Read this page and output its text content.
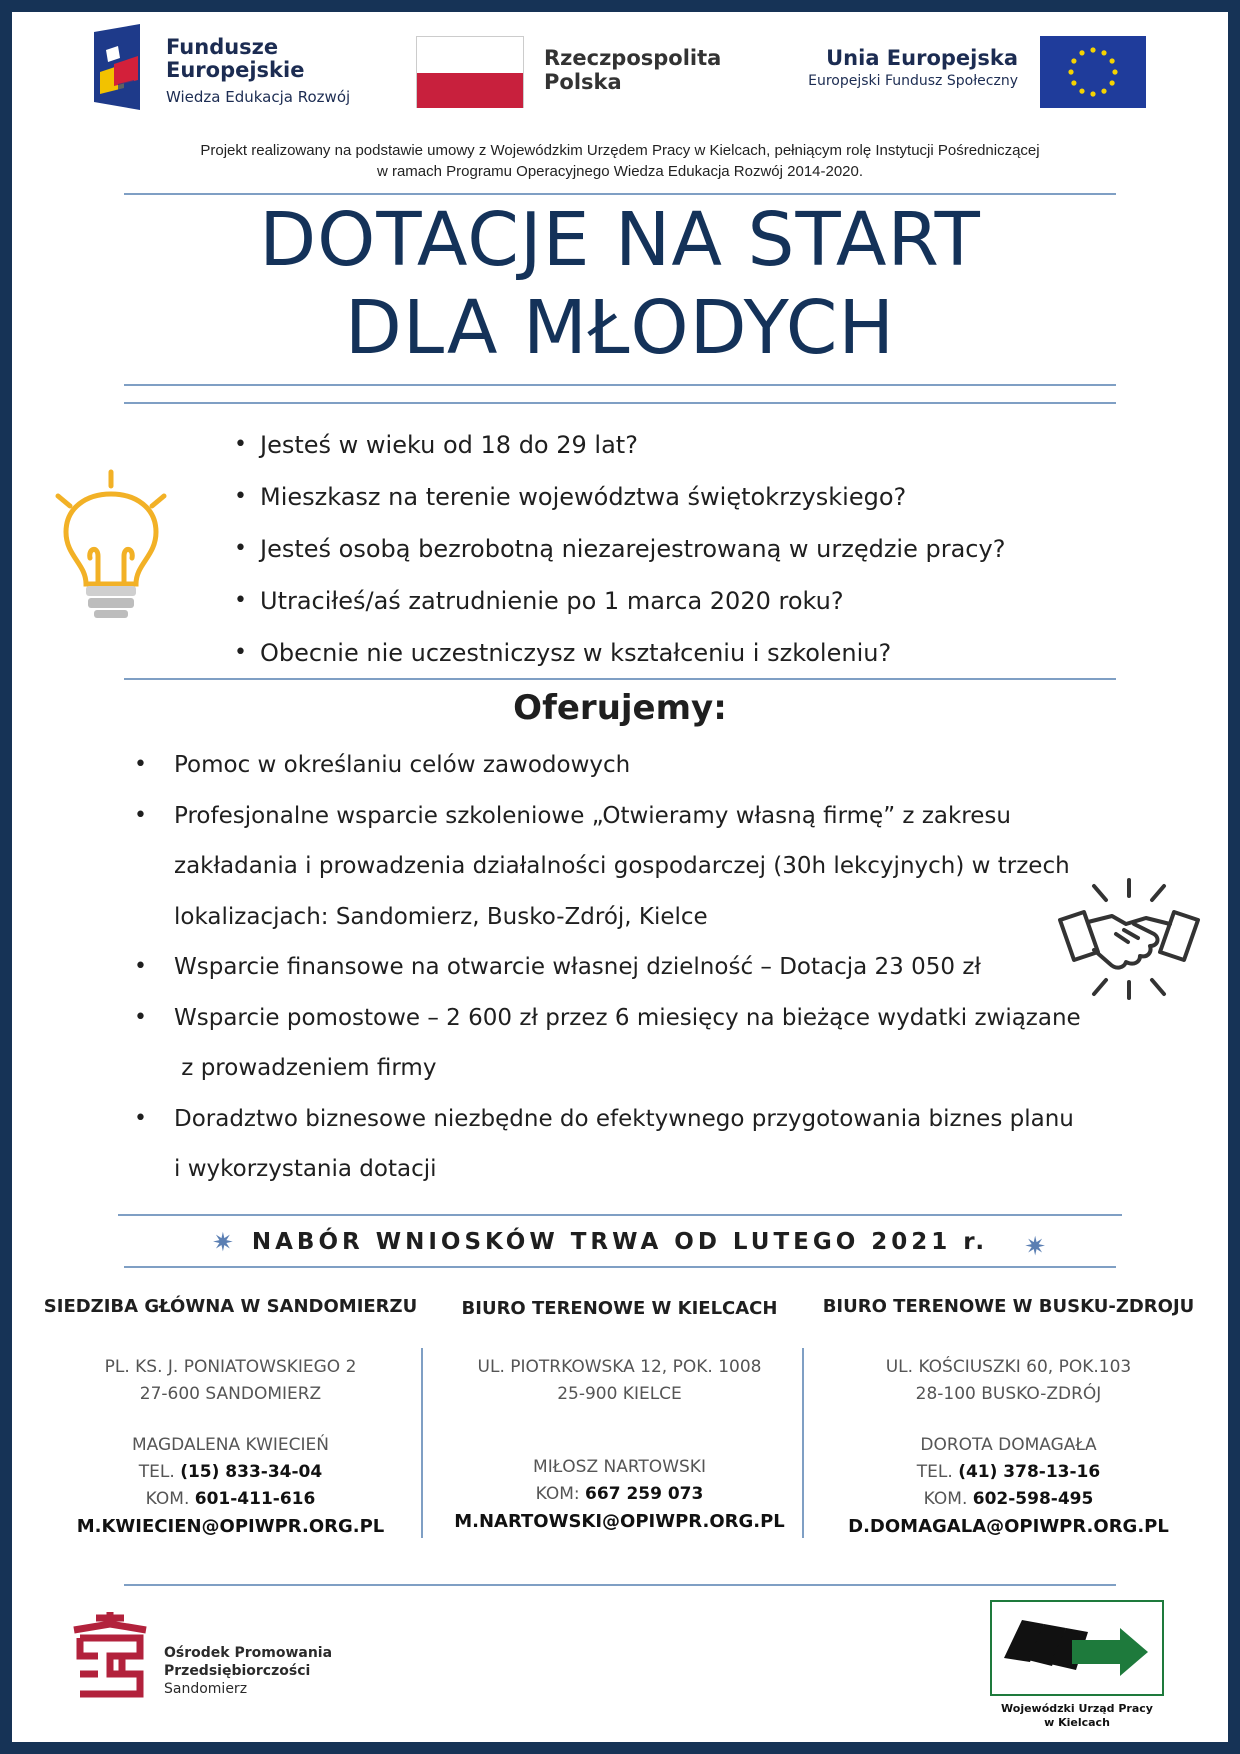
Fundusze
Europejskie
Wiedza Edukacja Rozwój
Rzeczpospolita
Polska
Unia Europejska
Europejski Fundusz Społeczny
Projekt realizowany na podstawie umowy z Wojewódzkim Urzędem Pracy w Kielcach, pełniącym rolę Instytucji Pośredniczącej
w ramach Programu Operacyjnego Wiedza Edukacja Rozwój 2014-2020.
DOTACJE NA START
DLA MŁODYCH
• Jesteś w wieku od 18 do 29 lat?
• Mieszkasz na terenie województwa świętokrzyskiego?
• Jesteś osobą bezrobotną niezarejestrowaną w urzędzie pracy?
• Utraciłeś/aś zatrudnienie po 1 marca 2020 roku?
• Obecnie nie uczestniczysz w kształceniu i szkoleniu?
Oferujemy:
• Pomoc w określaniu celów zawodowych
• Profesjonalne wsparcie szkoleniowe „Otwieramy własną firmę” z zakresu
zakładania i prowadzenia działalności gospodarczej (30h lekcyjnych) w trzech
lokalizacjach: Sandomierz, Busko-Zdrój, Kielce
• Wsparcie finansowe na otwarcie własnej dzielność – Dotacja 23 050 zł
• Wsparcie pomostowe – 2 600 zł przez 6 miesięcy na bieżące wydatki związane
z prowadzeniem firmy
• Doradztwo biznesowe niezbędne do efektywnego przygotowania biznes planu
i wykorzystania dotacji
✷ NABÓR WNIOSKÓW TRWA OD LUTEGO 2021 r. ✷
SIEDZIBA GŁÓWNA W SANDOMIERZU
PL. KS. J. PONIATOWSKIEGO 2
27-600 SANDOMIERZ
MAGDALENA KWIECIEŃ
TEL. (15) 833-34-04
KOM. 601-411-616
M.KWIECIEN@OPIWPR.ORG.PL
BIURO TERENOWE W KIELCACH
UL. PIOTRKOWSKA 12, POK. 1008
25-900 KIELCE
MIŁOSZ NARTOWSKI
KOM: 667 259 073
M.NARTOWSKI@OPIWPR.ORG.PL
BIURO TERENOWE W BUSKU-ZDROJU
UL. KOŚCIUSZKI 60, POK.103
28-100 BUSKO-ZDRÓJ
DOROTA DOMAGAŁA
TEL. (41) 378-13-16
KOM. 602-598-495
D.DOMAGALA@OPIWPR.ORG.PL
Ośrodek Promowania
Przedsiębiorczości
Sandomierz
Wojewódzki Urząd Pracy
w Kielcach
